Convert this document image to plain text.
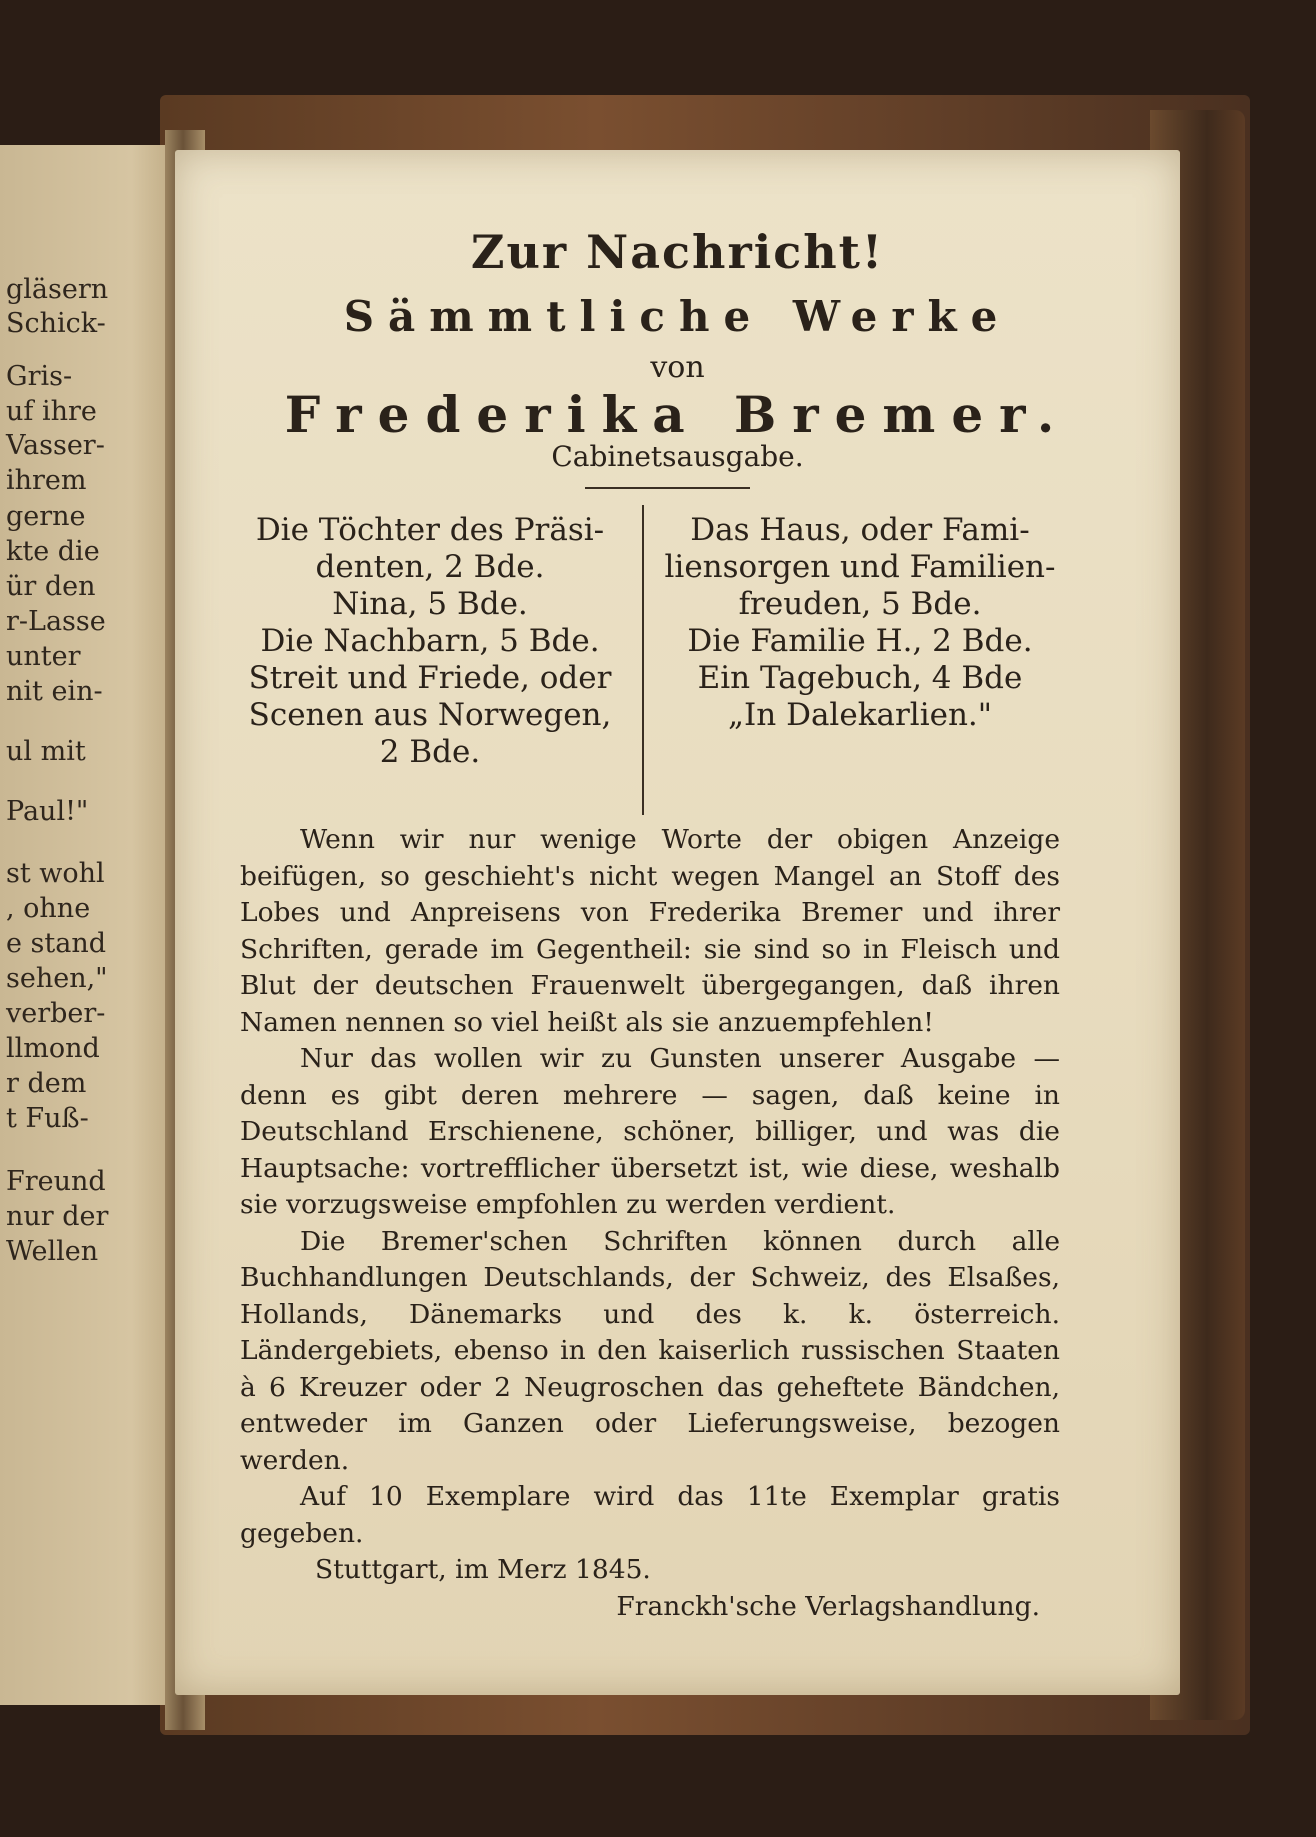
gläsern
Schick-
Gris-
uf ihre
Vasser-
ihrem
gerne
kte die
ür den
r-Lasse
unter
nit ein-
ul mit
Paul!"
st wohl
, ohne
e stand
sehen,"
verber-
llmond
r dem
t Fuß-
Freund
nur der
Wellen
Zur Nachricht!
Sämmtliche Werke
von
Frederika Bremer.
Cabinetsausgabe.
Die Töchter des Präsi-
denten, 2 Bde.
Nina, 5 Bde.
Die Nachbarn, 5 Bde.
Streit und Friede, oder
Scenen aus Norwegen,
2 Bde.
Das Haus, oder Fami-
liensorgen und Familien-
freuden, 5 Bde.
Die Familie H., 2 Bde.
Ein Tagebuch, 4 Bde
„In Dalekarlien."

Wenn wir nur wenige Worte der obigen Anzeige beifügen, so geschieht's nicht wegen Mangel an Stoff des Lobes und Anpreisens von Frederika Bremer und ihrer Schriften, gerade im Gegentheil: sie sind so in Fleisch und Blut der deutschen Frauenwelt übergegangen, daß ihren Namen nennen so viel heißt als sie anzuempfehlen!

Nur das wollen wir zu Gunsten unserer Ausgabe — denn es gibt deren mehrere — sagen, daß keine in Deutschland Erschienene, schöner, billiger, und was die Hauptsache: vortrefflicher übersetzt ist, wie diese, weshalb sie vorzugsweise empfohlen zu werden verdient.

Die Bremer'schen Schriften können durch alle Buchhandlungen Deutschlands, der Schweiz, des Elsaßes, Hollands, Dänemarks und des k. k. österreich. Ländergebiets, ebenso in den kaiserlich russischen Staaten à 6 Kreuzer oder 2 Neugroschen das geheftete Bändchen, entweder im Ganzen oder Lieferungsweise, bezogen werden.

Auf 10 Exemplare wird das 11te Exemplar gratis gegeben.

Stuttgart, im Merz 1845.

Franckh'sche Verlagshandlung.
